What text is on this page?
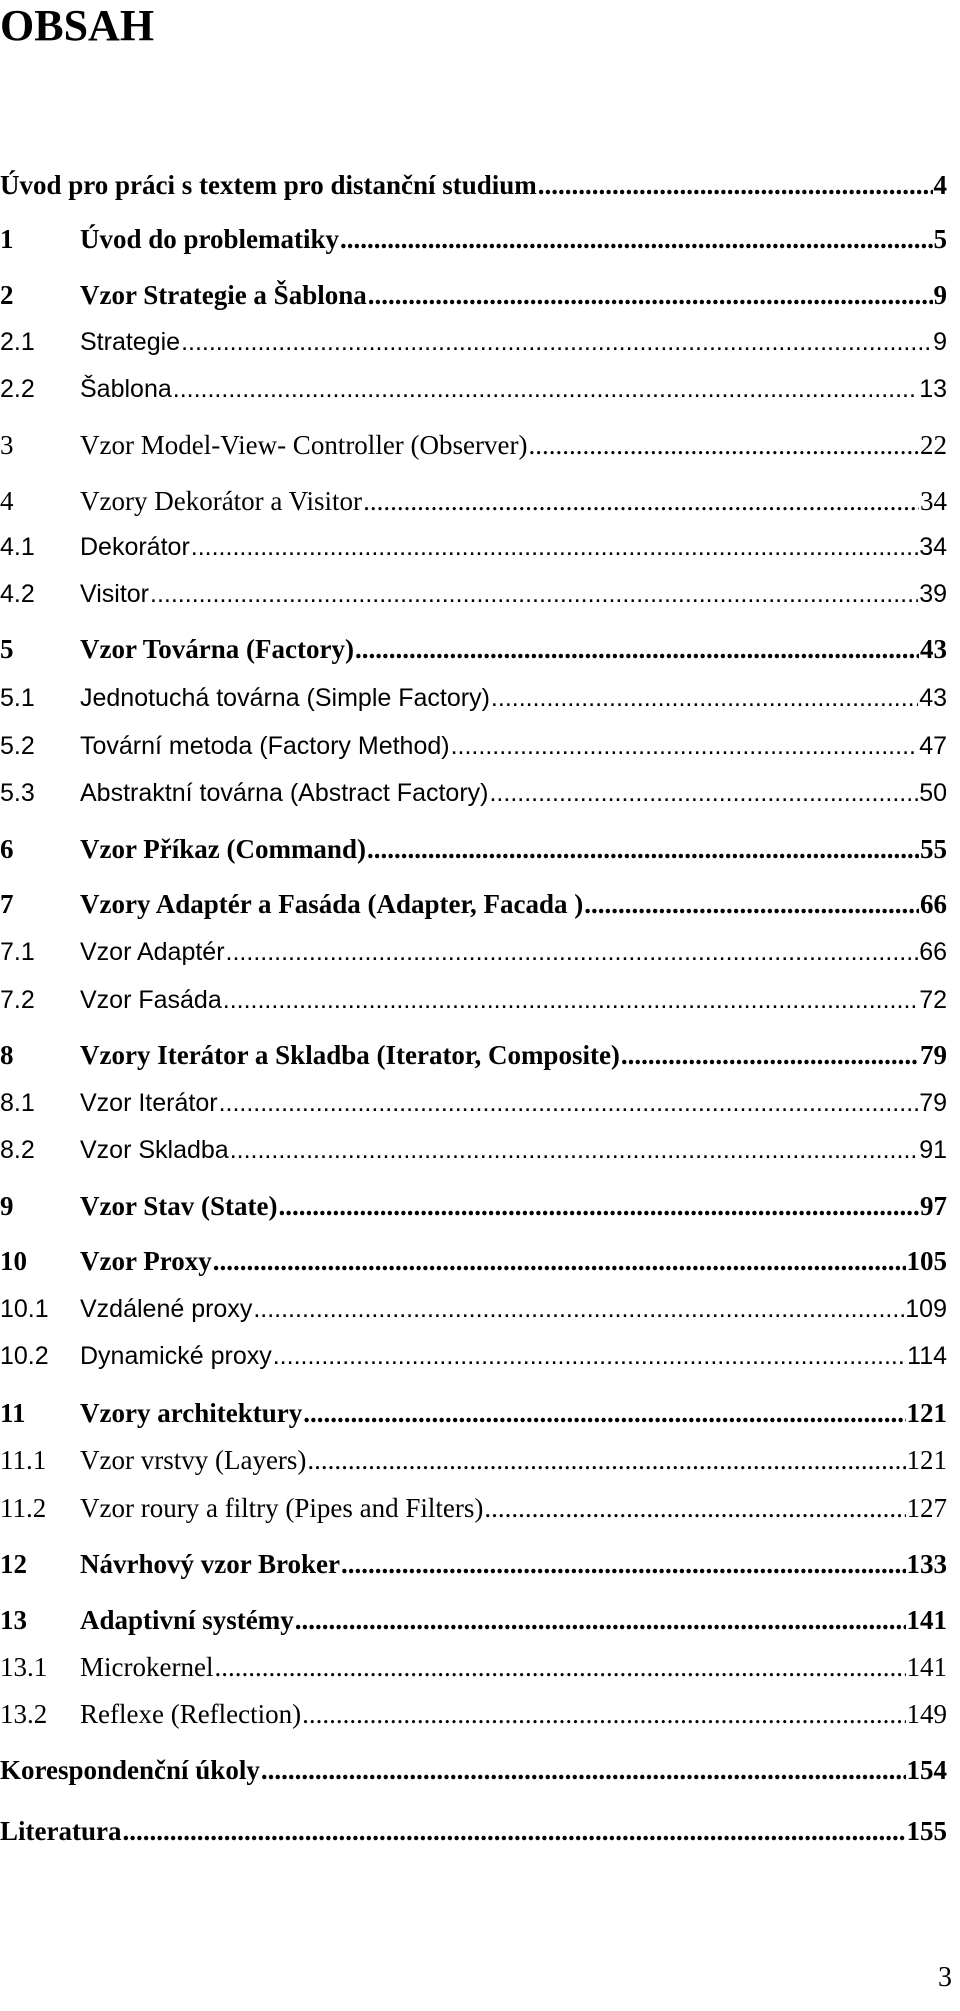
OBSAH
Úvod pro práci s textem pro distanční studium .....	4
1	Úvod do problematiky .....	5
2	Vzor Strategie a Šablona .....	9
2.1	Strategie .....	9
2.2	Šablona .....	13
3	Vzor Model-View- Controller (Observer) .....	22
4	Vzory Dekorátor a Visitor .....	34
4.1	Dekorátor .....	34
4.2	Visitor .....	39
5	Vzor Továrna (Factory) .....	43
5.1	Jednotuchá továrna (Simple Factory) .....	43
5.2	Tovární metoda (Factory Method) .....	47
5.3	Abstraktní továrna (Abstract Factory) .....	50
6	Vzor Příkaz (Command) .....	55
7	Vzory Adaptér a Fasáda (Adapter, Facada ) .....	66
7.1	Vzor Adaptér .....	66
7.2	Vzor Fasáda .....	72
8	Vzory Iterátor a Skladba (Iterator, Composite) .....	79
8.1	Vzor Iterátor .....	79
8.2	Vzor Skladba .....	91
9	Vzor Stav (State) .....	97
10	Vzor Proxy .....	105
10.1	Vzdálené proxy .....	109
10.2	Dynamické proxy .....	114
11	Vzory architektury .....	121
11.1	Vzor vrstvy (Layers) .....	121
11.2	Vzor roury a filtry (Pipes and Filters) .....	127
12	Návrhový vzor Broker .....	133
13	Adaptivní systémy .....	141
13.1	Microkernel .....	141
13.2	Reflexe (Reflection) .....	149
Korespondenční úkoly .....	154
Literatura .....	155
3
